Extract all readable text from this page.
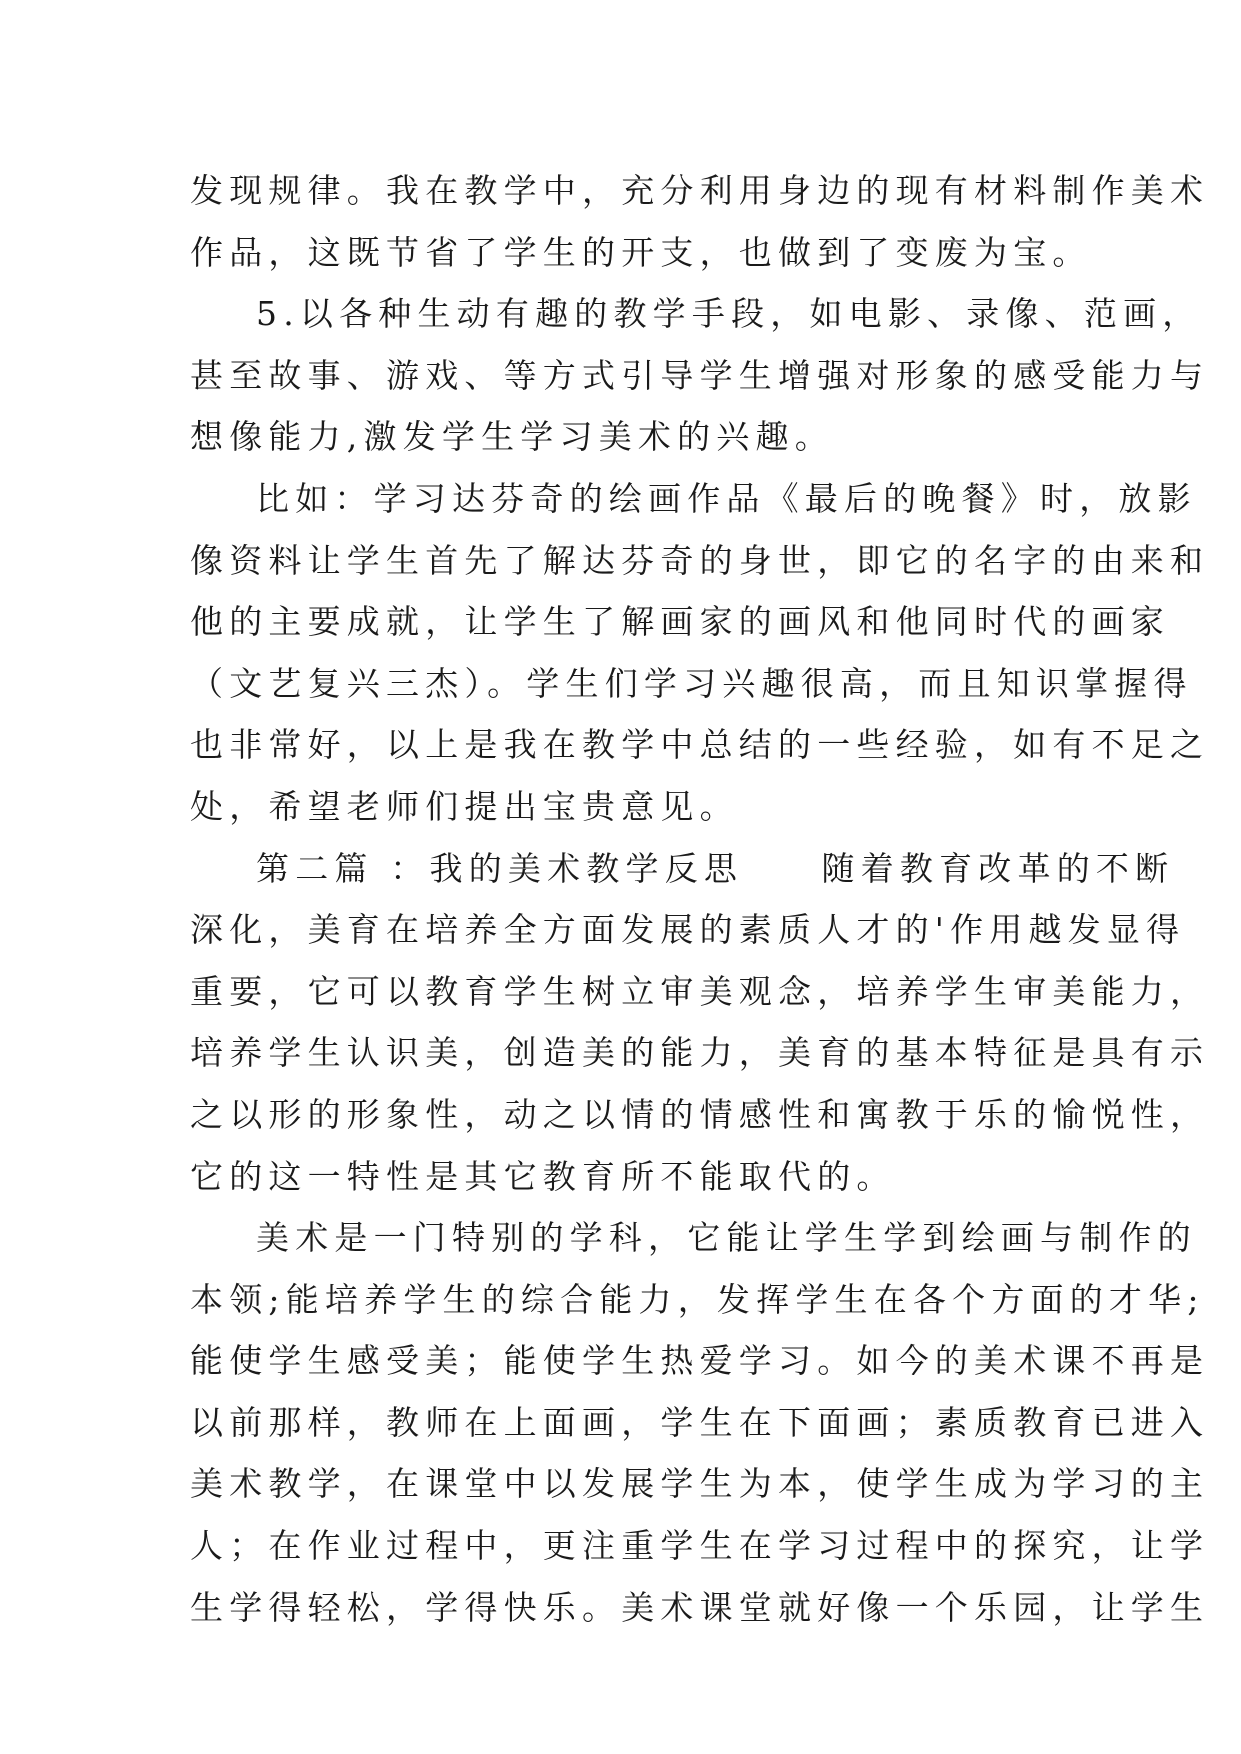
发现规律。我在教学中，充分利用身边的现有材料制作美术
作品，这既节省了学生的开支，也做到了变废为宝。
5.以各种生动有趣的教学手段，如电影、录像、范画，
甚至故事、游戏、等方式引导学生增强对形象的感受能力与
想像能力,激发学生学习美术的兴趣。
比如：学习达芬奇的绘画作品《最后的晚餐》时，放影
像资料让学生首先了解达芬奇的身世，即它的名字的由来和
他的主要成就，让学生了解画家的画风和他同时代的画家
（文艺复兴三杰）。学生们学习兴趣很高，而且知识掌握得
也非常好，以上是我在教学中总结的一些经验，如有不足之
处，希望老师们提出宝贵意见。
第二篇 ：我的美术教学反思　　随着教育改革的不断
深化，美育在培养全方面发展的素质人才的'作用越发显得
重要，它可以教育学生树立审美观念，培养学生审美能力，
培养学生认识美，创造美的能力，美育的基本特征是具有示
之以形的形象性，动之以情的情感性和寓教于乐的愉悦性，
它的这一特性是其它教育所不能取代的。
美术是一门特别的学科，它能让学生学到绘画与制作的
本领;能培养学生的综合能力，发挥学生在各个方面的才华;
能使学生感受美；能使学生热爱学习。如今的美术课不再是
以前那样，教师在上面画，学生在下面画；素质教育已进入
美术教学，在课堂中以发展学生为本，使学生成为学习的主
人；在作业过程中，更注重学生在学习过程中的探究，让学
生学得轻松，学得快乐。美术课堂就好像一个乐园，让学生
